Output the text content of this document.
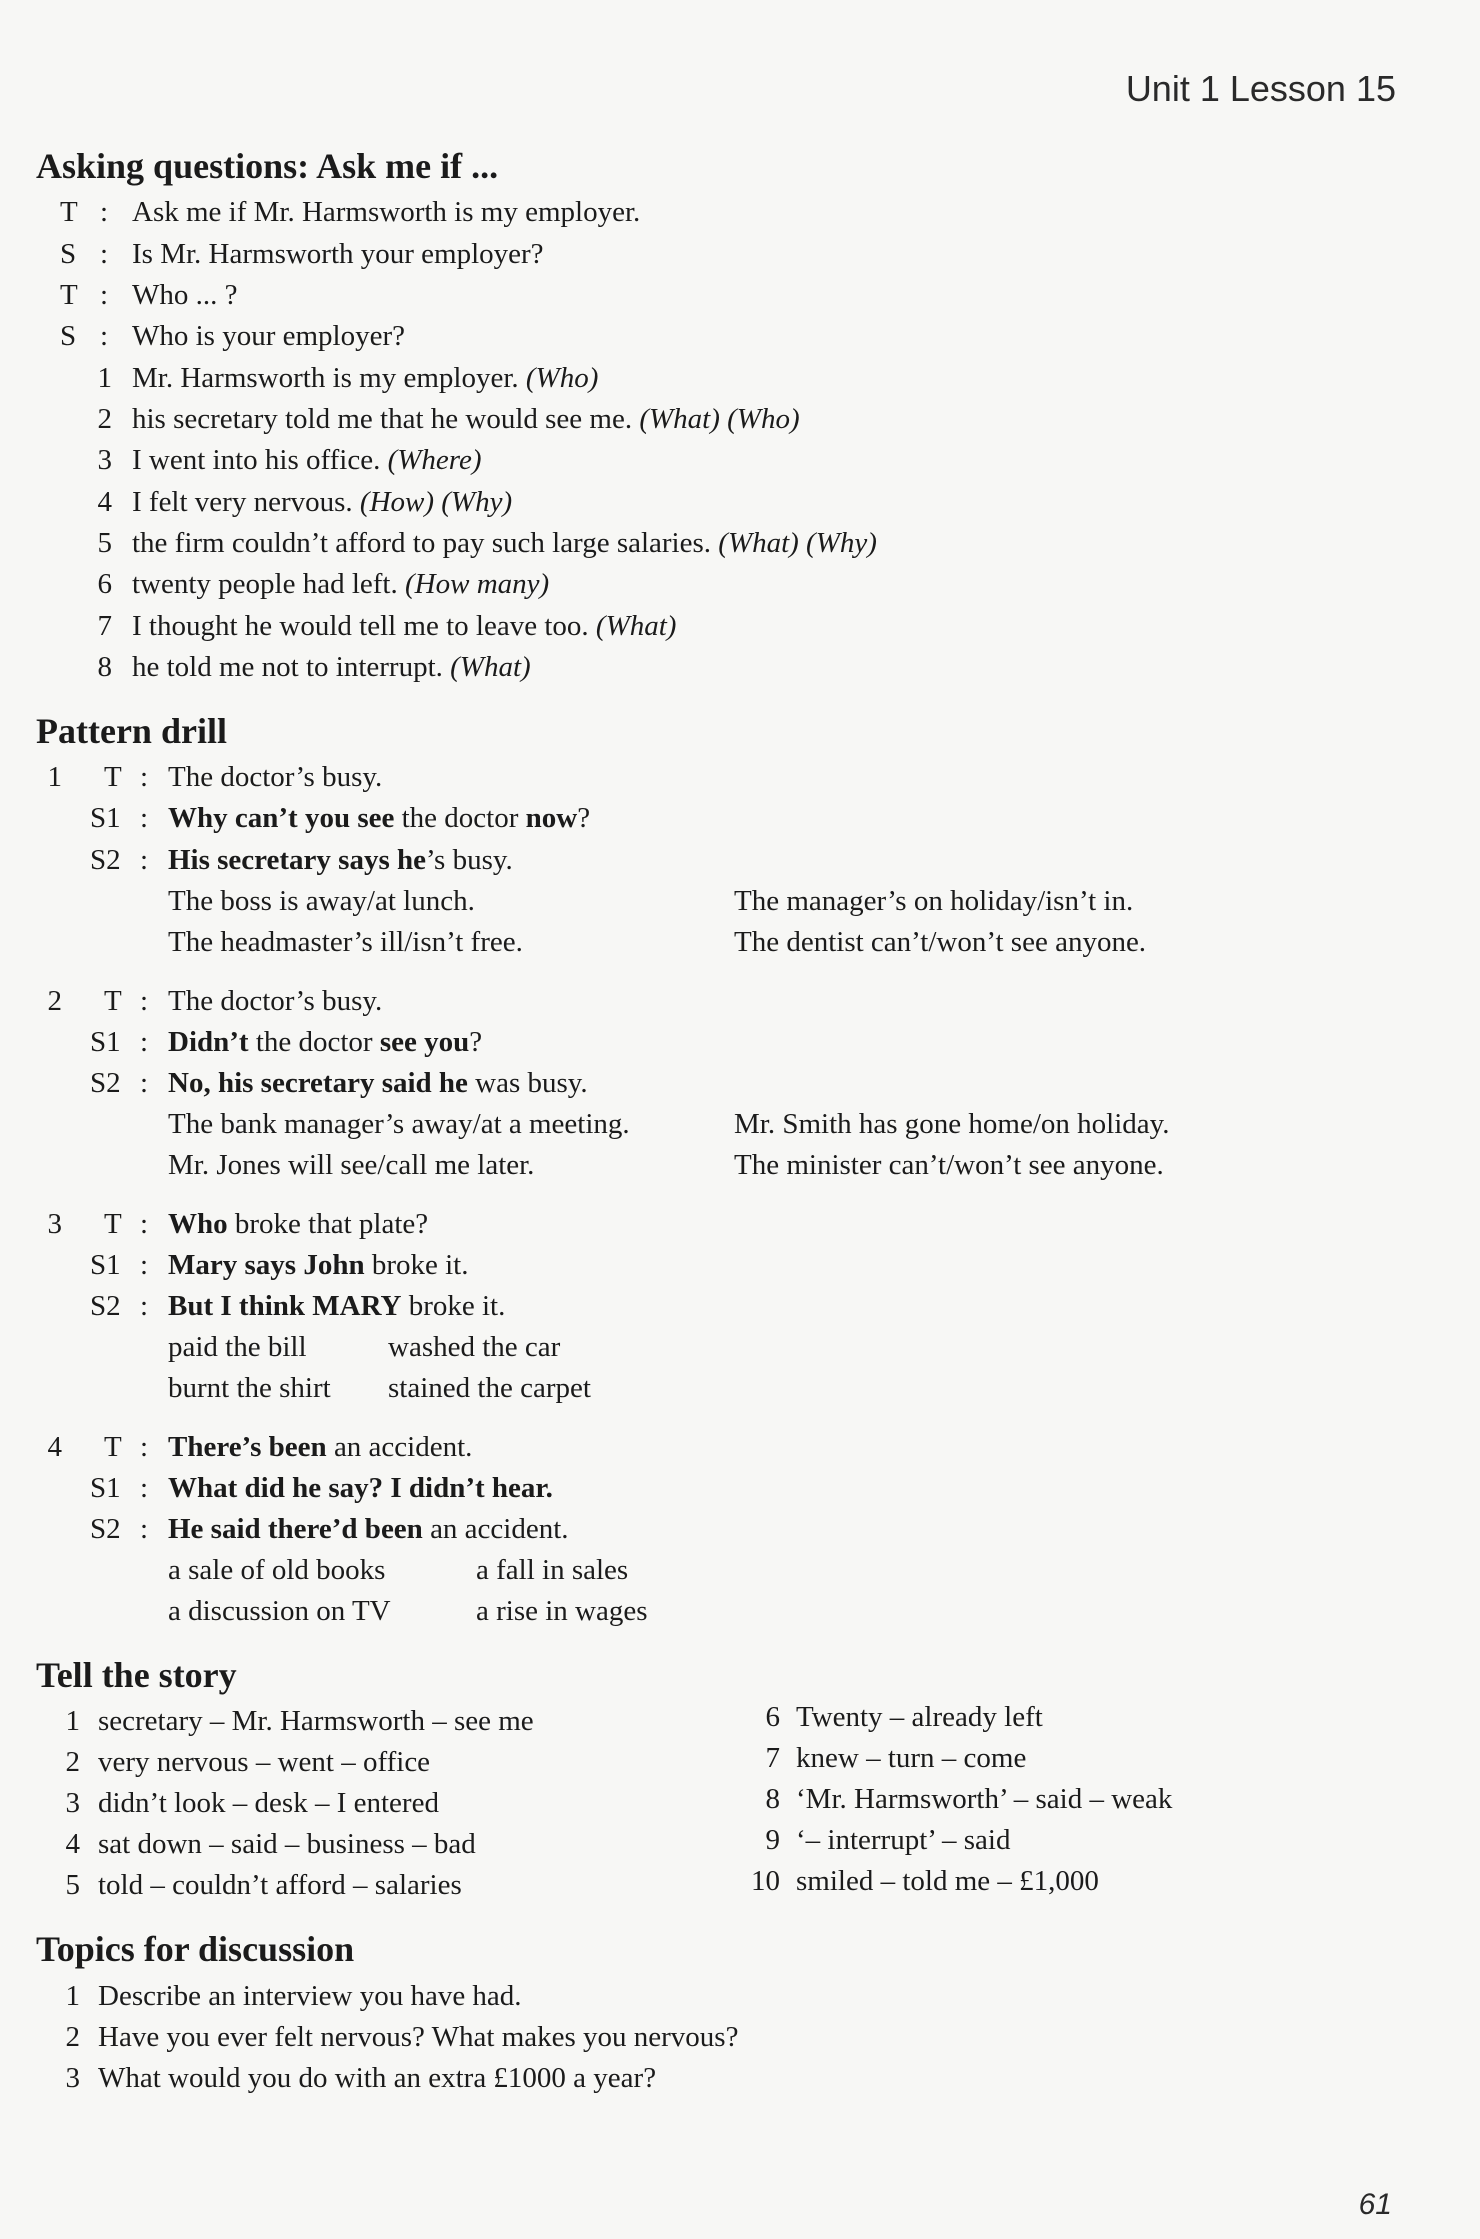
Unit 1 Lesson 15
Asking questions: Ask me if ...
T : Ask me if Mr. Harmsworth is my employer.
S : Is Mr. Harmsworth your employer?
T : Who ... ?
S : Who is your employer?
1 Mr. Harmsworth is my employer. (Who)
2 his secretary told me that he would see me. (What) (Who)
3 I went into his office. (Where)
4 I felt very nervous. (How) (Why)
5 the firm couldn’t afford to pay such large salaries. (What) (Why)
6 twenty people had left. (How many)
7 I thought he would tell me to leave too. (What)
8 he told me not to interrupt. (What)
Pattern drill
1 T : The doctor’s busy.
S1 : Why can’t you see the doctor now?
S2 : His secretary says he’s busy.
The boss is away/at lunch.
The headmaster’s ill/isn’t free.
The manager’s on holiday/isn’t in.
The dentist can’t/won’t see anyone.
2 T : The doctor’s busy.
S1 : Didn’t the doctor see you?
S2 : No, his secretary said he was busy.
The bank manager’s away/at a meeting.
Mr. Jones will see/call me later.
Mr. Smith has gone home/on holiday.
The minister can’t/won’t see anyone.
3 T : Who broke that plate?
S1 : Mary says John broke it.
S2 : But I think MARY broke it.
paid the bill
burnt the shirt
washed the car
stained the carpet
4 T : There’s been an accident.
S1 : What did he say? I didn’t hear.
S2 : He said there’d been an accident.
a sale of old books
a discussion on TV
a fall in sales
a rise in wages
Tell the story
1 secretary – Mr. Harmsworth – see me
2 very nervous – went – office
3 didn’t look – desk – I entered
4 sat down – said – business – bad
5 told – couldn’t afford – salaries
6 Twenty – already left
7 knew – turn – come
8 ‘Mr. Harmsworth’ – said – weak
9 ‘– interrupt’ – said
10 smiled – told me – £1,000
Topics for discussion
1 Describe an interview you have had.
2 Have you ever felt nervous? What makes you nervous?
3 What would you do with an extra £1000 a year?
61
